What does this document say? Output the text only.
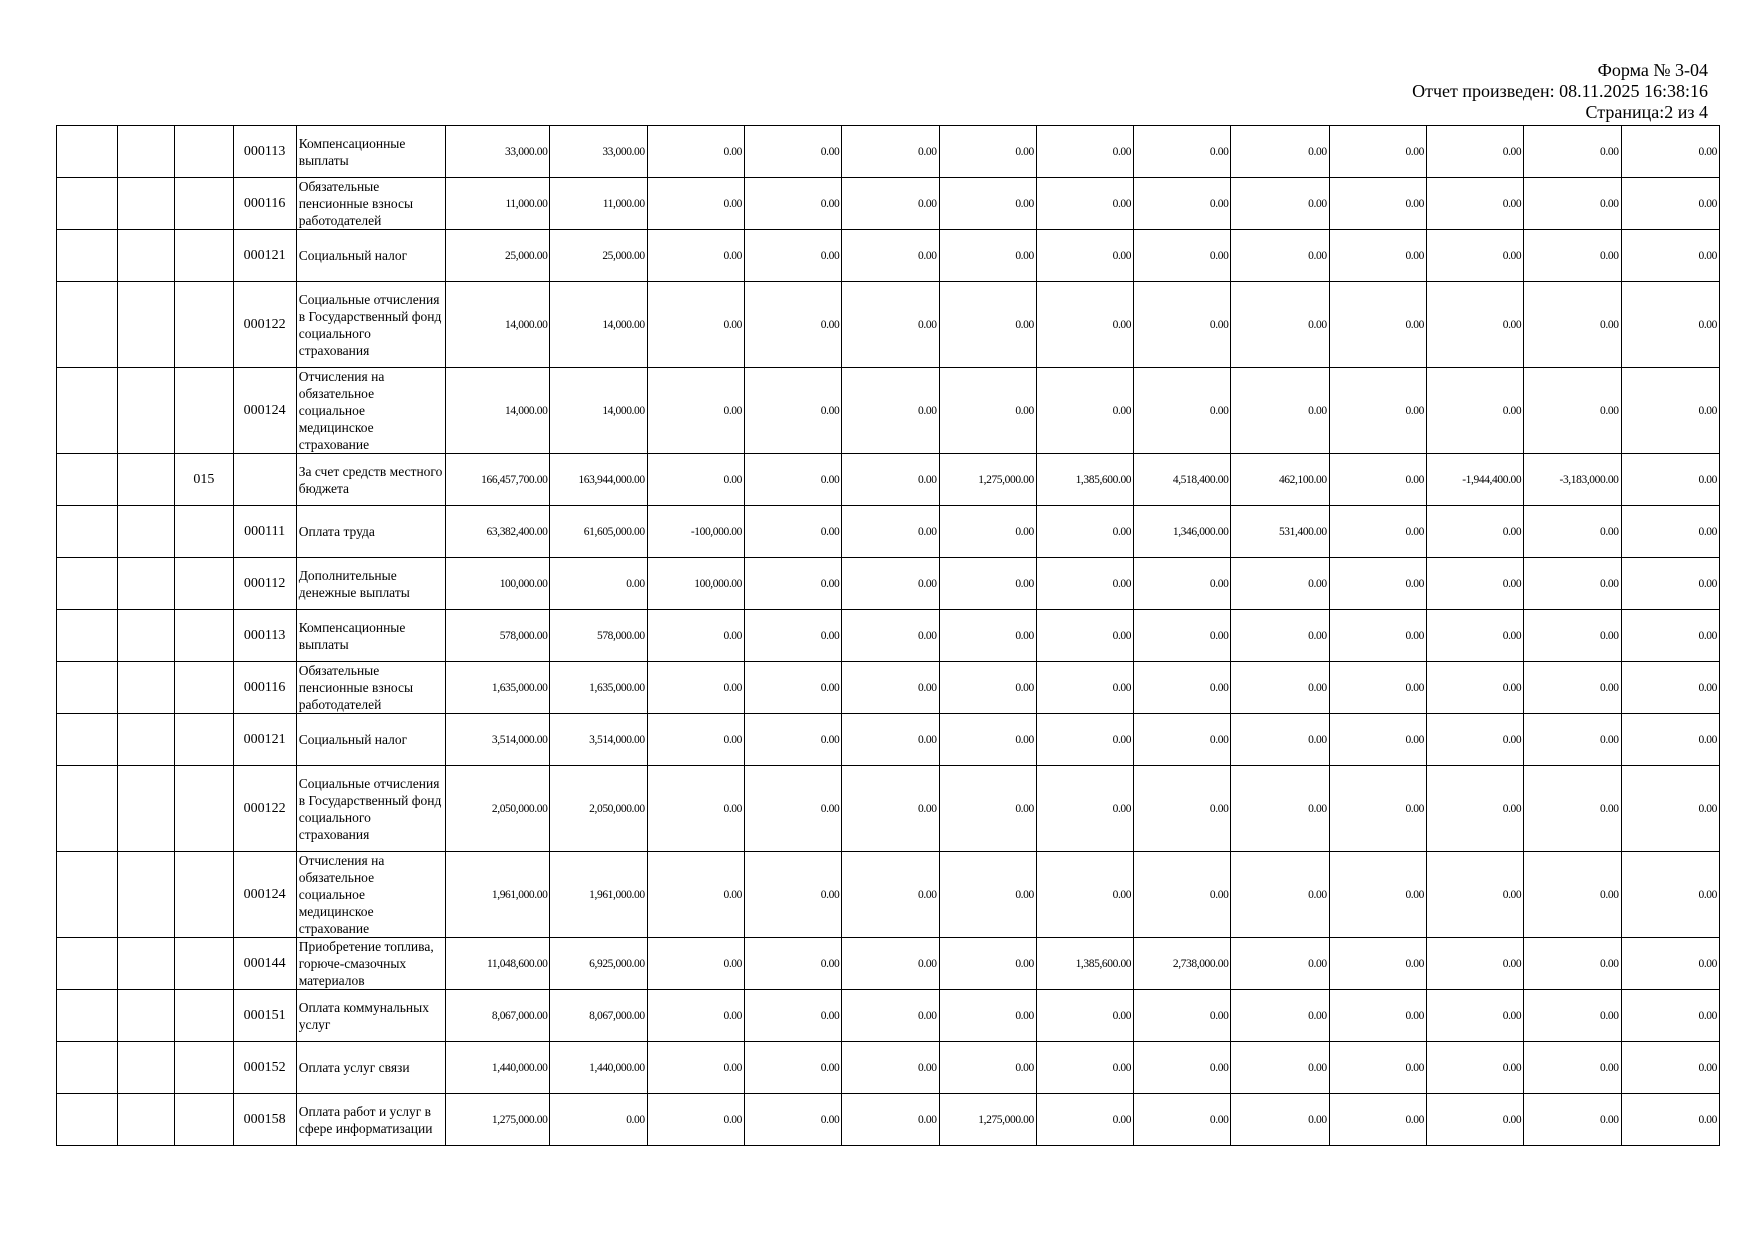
Форма № 3-04
Отчет произведен: 08.11.2025 16:38:16
Страница:2 из 4
			000113	Компенсационные выплаты	33,000.00	33,000.00	0.00	0.00	0.00	0.00	0.00	0.00	0.00	0.00	0.00	0.00	0.00
			000116	Обязательные пенсионные взносы работодателей	11,000.00	11,000.00	0.00	0.00	0.00	0.00	0.00	0.00	0.00	0.00	0.00	0.00	0.00
			000121	Социальный налог	25,000.00	25,000.00	0.00	0.00	0.00	0.00	0.00	0.00	0.00	0.00	0.00	0.00	0.00
			000122	Социальные отчисления в Государственный фонд социального страхования	14,000.00	14,000.00	0.00	0.00	0.00	0.00	0.00	0.00	0.00	0.00	0.00	0.00	0.00
			000124	Отчисления на обязательное социальное медицинское страхование	14,000.00	14,000.00	0.00	0.00	0.00	0.00	0.00	0.00	0.00	0.00	0.00	0.00	0.00
		015		За счет средств местного бюджета	166,457,700.00	163,944,000.00	0.00	0.00	0.00	1,275,000.00	1,385,600.00	4,518,400.00	462,100.00	0.00	-1,944,400.00	-3,183,000.00	0.00
			000111	Оплата труда	63,382,400.00	61,605,000.00	-100,000.00	0.00	0.00	0.00	0.00	1,346,000.00	531,400.00	0.00	0.00	0.00	0.00
			000112	Дополнительные денежные выплаты	100,000.00	0.00	100,000.00	0.00	0.00	0.00	0.00	0.00	0.00	0.00	0.00	0.00	0.00
			000113	Компенсационные выплаты	578,000.00	578,000.00	0.00	0.00	0.00	0.00	0.00	0.00	0.00	0.00	0.00	0.00	0.00
			000116	Обязательные пенсионные взносы работодателей	1,635,000.00	1,635,000.00	0.00	0.00	0.00	0.00	0.00	0.00	0.00	0.00	0.00	0.00	0.00
			000121	Социальный налог	3,514,000.00	3,514,000.00	0.00	0.00	0.00	0.00	0.00	0.00	0.00	0.00	0.00	0.00	0.00
			000122	Социальные отчисления в Государственный фонд социального страхования	2,050,000.00	2,050,000.00	0.00	0.00	0.00	0.00	0.00	0.00	0.00	0.00	0.00	0.00	0.00
			000124	Отчисления на обязательное социальное медицинское страхование	1,961,000.00	1,961,000.00	0.00	0.00	0.00	0.00	0.00	0.00	0.00	0.00	0.00	0.00	0.00
			000144	Приобретение топлива, горюче-смазочных материалов	11,048,600.00	6,925,000.00	0.00	0.00	0.00	0.00	1,385,600.00	2,738,000.00	0.00	0.00	0.00	0.00	0.00
			000151	Оплата коммунальных услуг	8,067,000.00	8,067,000.00	0.00	0.00	0.00	0.00	0.00	0.00	0.00	0.00	0.00	0.00	0.00
			000152	Оплата услуг связи	1,440,000.00	1,440,000.00	0.00	0.00	0.00	0.00	0.00	0.00	0.00	0.00	0.00	0.00	0.00
			000158	Оплата работ и услуг в сфере информатизации	1,275,000.00	0.00	0.00	0.00	0.00	1,275,000.00	0.00	0.00	0.00	0.00	0.00	0.00	0.00
